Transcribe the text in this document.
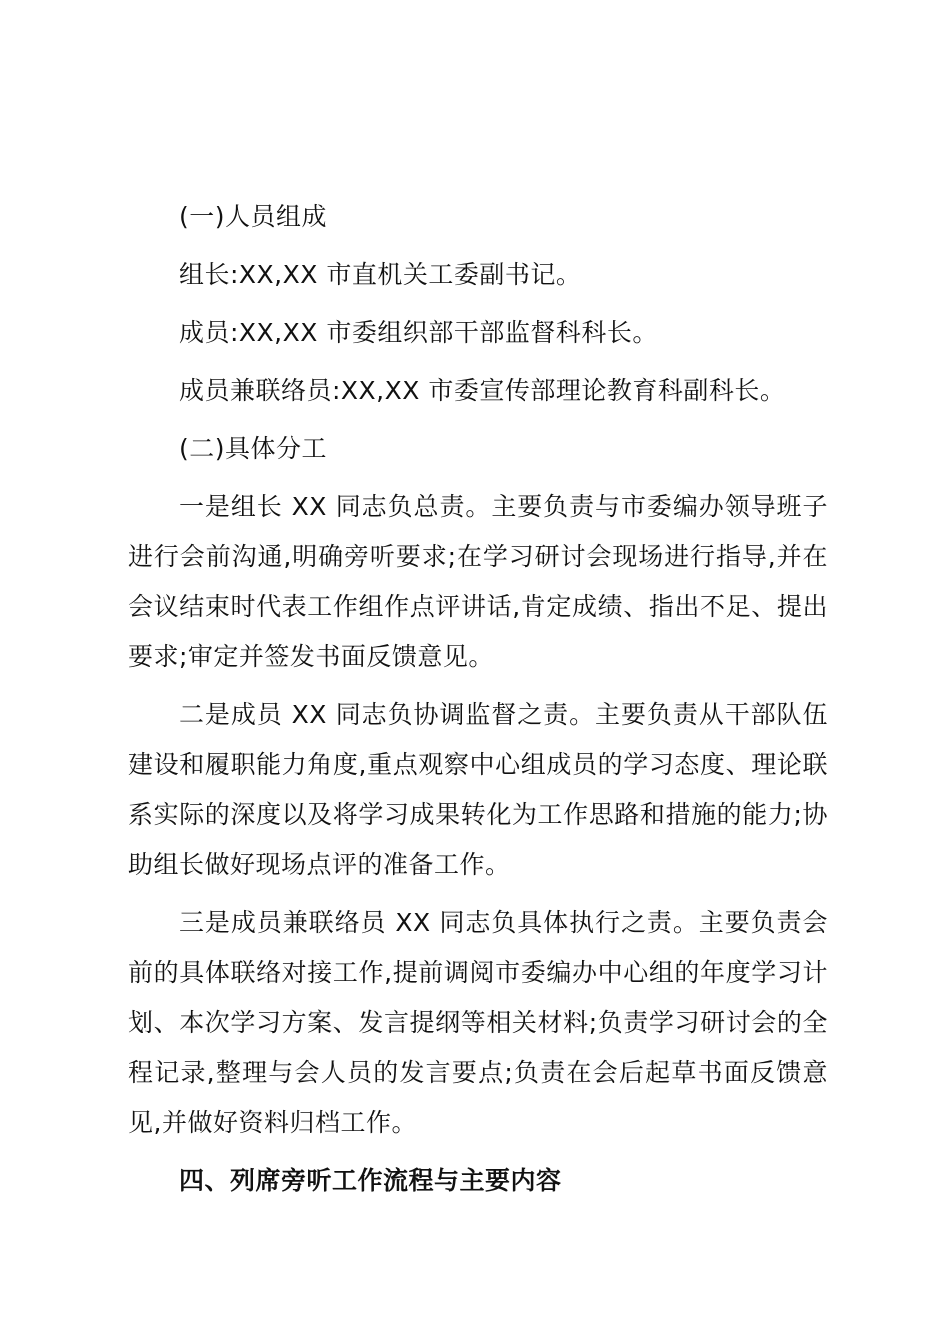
(一)人员组成

组长:XX,XX 市直机关工委副书记。

成员:XX,XX 市委组织部干部监督科科长。

成员兼联络员:XX,XX 市委宣传部理论教育科副科长。

(二)具体分工

一是组长 XX 同志负总责。主要负责与市委编办领导班子进行会前沟通,明确旁听要求;在学习研讨会现场进行指导,并在会议结束时代表工作组作点评讲话,肯定成绩、指出不足、提出要求;审定并签发书面反馈意见。

二是成员 XX 同志负协调监督之责。主要负责从干部队伍建设和履职能力角度,重点观察中心组成员的学习态度、理论联系实际的深度以及将学习成果转化为工作思路和措施的能力;协助组长做好现场点评的准备工作。

三是成员兼联络员 XX 同志负具体执行之责。主要负责会前的具体联络对接工作,提前调阅市委编办中心组的年度学习计划、本次学习方案、发言提纲等相关材料;负责学习研讨会的全程记录,整理与会人员的发言要点;负责在会后起草书面反馈意见,并做好资料归档工作。

四、列席旁听工作流程与主要内容
